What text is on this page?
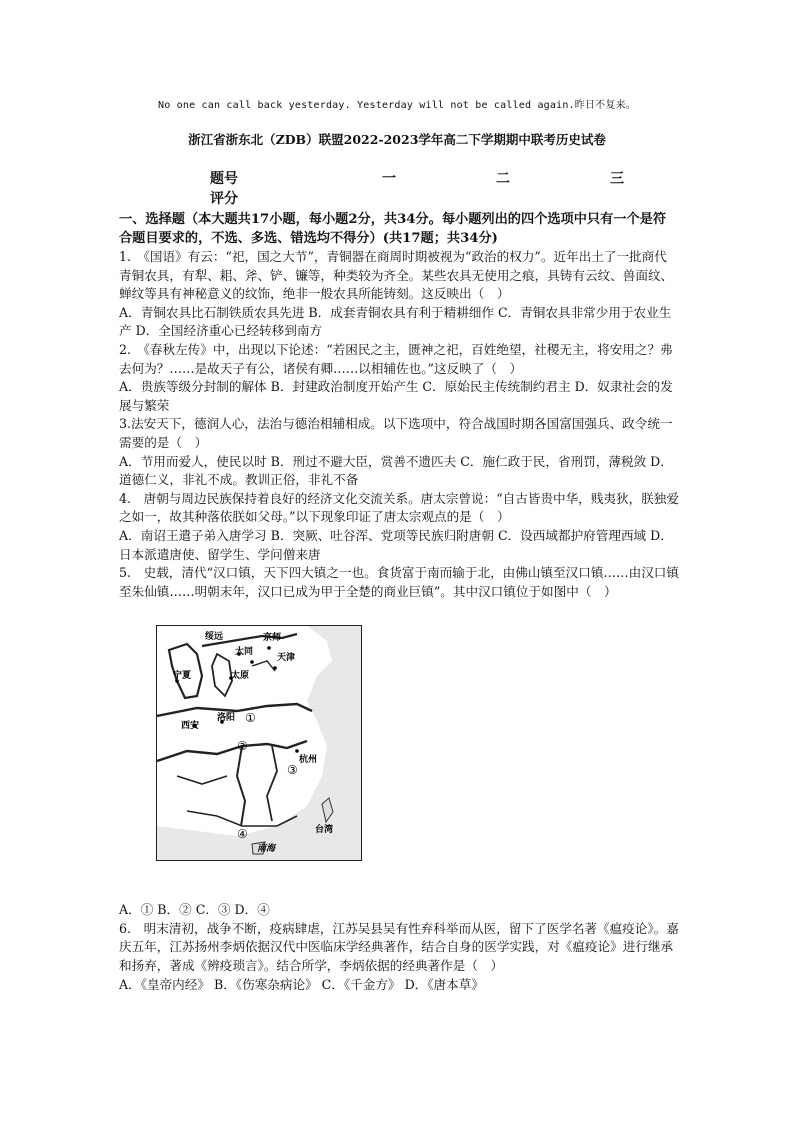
No one can call back yesterday. Yesterday will not be called again.昨日不复来。
浙江省浙东北（ZDB）联盟2022-2023学年高二下学期期中联考历史试卷
题号	一	二	三
评分

一、选择题（本大题共17小题，每小题2分，共34分。每小题列出的四个选项中只有一个是符合题目要求的，不选、多选、错选均不得分）(共17题；共34分)

1.　《国语》有云：“祀，国之大节”，青铜器在商周时期被视为“政治的权力”。近年出土了一批商代青铜农具，有犁、耜、斧、铲、镰等，种类较为齐全。某些农具无使用之痕，具铸有云纹、兽面纹、蝉纹等具有神秘意义的纹饰，绝非一般农具所能铸刻。这反映出（　）

A．青铜农具比石制铁质农具先进 B．成套青铜农具有利于精耕细作 C．青铜农具非常少用于农业生产 D．全国经济重心已经转移到南方

2.　《春秋左传》中，出现以下论述：“若困民之主，匮神之祀，百姓绝望，社稷无主，将安用之？弗去何为？……是故天子有公，诸侯有卿……以相辅佐也。”这反映了（　）

A．贵族等级分封制的解体 B．封建政治制度开始产生 C．原始民主传统制约君主 D．奴隶社会的发展与繁荣

3.法安天下，德润人心，法治与德治相辅相成。以下选项中，符合战国时期各国富国强兵、政令统一需要的是（　）

A．节用而爱人，使民以时 B．刑过不避大臣，赏善不遗匹夫 C．施仁政于民，省刑罚，薄税敛 D．道德仁义，非礼不成。教训正俗，非礼不备

4.　唐朝与周边民族保持着良好的经济文化交流关系。唐太宗曾说：“自古皆贵中华，贱夷狄，朕独爱之如一，故其种落依朕如父母。”以下现象印证了唐太宗观点的是（　）

A．南诏王遣子弟入唐学习 B．突厥、吐谷浑、党项等民族归附唐朝 C．设西域都护府管理西域 D．日本派遣唐使、留学生、学问僧来唐

5.　史载，清代“汉口镇，天下四大镇之一也。食货富于南而输于北，由佛山镇至汉口镇……由汉口镇至朱仙镇……明朝末年，汉口已成为甲于全楚的商业巨镇”。其中汉口镇位于如图中（　）

绥远	京师
大同
天津
宁夏	太原
西安
洛阳
杭州
台湾
南海
①
②
③
④

A．① B．② C．③ D．④

6.　明末清初，战争不断，疫病肆虐，江苏吴县吴有性弃科举而从医，留下了医学名著《瘟疫论》。嘉庆五年，江苏扬州李炳依据汉代中医临床学经典著作，结合自身的医学实践，对《瘟疫论》进行继承和扬弃，著成《辨疫琐言》。结合所学，李炳依据的经典著作是（　）

A．《皇帝内经》 B．《伤寒杂病论》 C．《千金方》 D．《唐本草》
